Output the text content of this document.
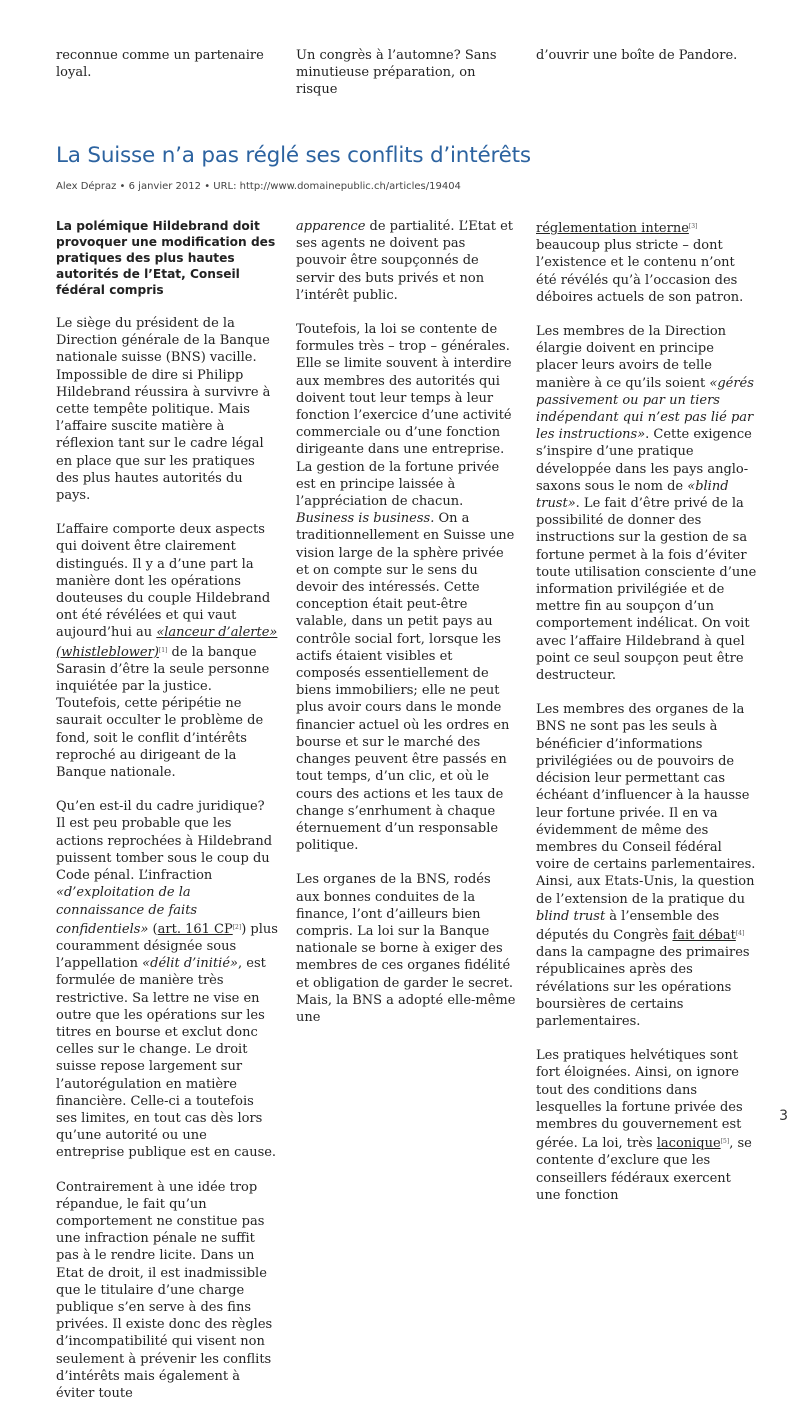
reconnue comme un partenaire loyal.
Un congrès à l’automne? Sans minutieuse préparation, on risque
d’ouvrir une boîte de Pandore.
La Suisse n’a pas réglé ses conflits d’intérêts
Alex Dépraz • 6 janvier 2012 • URL: http://www.domainepublic.ch/articles/19404
La polémique Hildebrand doit provoquer une modification des pratiques des plus hautes autorités de l’Etat, Conseil fédéral compris

Le siège du président de la Direction générale de la Banque nationale suisse (BNS) vacille. Impossible de dire si Philipp Hildebrand réussira à survivre à cette tempête politique. Mais l’affaire suscite matière à réflexion tant sur le cadre légal en place que sur les pratiques des plus hautes autorités du pays.

L’affaire comporte deux aspects qui doivent être clairement distingués. Il y a d’une part la manière dont les opérations douteuses du couple Hildebrand ont été révélées et qui vaut aujourd’hui au «lanceur d’alerte» (whistleblower)[1] de la banque Sarasin d’être la seule personne inquiétée par la justice. Toutefois, cette péripétie ne saurait occulter le problème de fond, soit le conflit d’intérêts reproché au dirigeant de la Banque nationale.

Qu’en est-il du cadre juridique? Il est peu probable que les actions reprochées à Hildebrand puissent tomber sous le coup du Code pénal. L’infraction «d’exploitation de la connaissance de faits confidentiels» (art. 161 CP[2]) plus couramment désignée sous l’appellation «délit d’initié», est formulée de manière très restrictive. Sa lettre ne vise en outre que les opérations sur les titres en bourse et exclut donc celles sur le change. Le droit suisse repose largement sur l’autorégulation en matière financière. Celle-ci a toutefois ses limites, en tout cas dès lors qu’une autorité ou une entreprise publique est en cause.

Contrairement à une idée trop répandue, le fait qu’un comportement ne constitue pas une infraction pénale ne suffit pas à le rendre licite. Dans un Etat de droit, il est inadmissible que le titulaire d’une charge publique s’en serve à des fins privées. Il existe donc des règles d’incompatibilité qui visent non seulement à prévenir les conflits d’intérêts mais également à éviter toute

apparence de partialité. L’Etat et ses agents ne doivent pas pouvoir être soupçonnés de servir des buts privés et non l’intérêt public.

Toutefois, la loi se contente de formules très – trop – générales. Elle se limite souvent à interdire aux membres des autorités qui doivent tout leur temps à leur fonction l’exercice d’une activité commerciale ou d’une fonction dirigeante dans une entreprise. La gestion de la fortune privée est en principe laissée à l’appréciation de chacun. Business is business. On a traditionnellement en Suisse une vision large de la sphère privée et on compte sur le sens du devoir des intéressés. Cette conception était peut-être valable, dans un petit pays au contrôle social fort, lorsque les actifs étaient visibles et composés essentiellement de biens immobiliers; elle ne peut plus avoir cours dans le monde financier actuel où les ordres en bourse et sur le marché des changes peuvent être passés en tout temps, d’un clic, et où le cours des actions et les taux de change s’enrhument à chaque éternuement d’un responsable politique.

Les organes de la BNS, rodés aux bonnes conduites de la finance, l’ont d’ailleurs bien compris. La loi sur la Banque nationale se borne à exiger des membres de ces organes fidélité et obligation de garder le secret. Mais, la BNS a adopté elle-même une

réglementation interne[3] beaucoup plus stricte – dont l’existence et le contenu n’ont été révélés qu’à l’occasion des déboires actuels de son patron.

Les membres de la Direction élargie doivent en principe placer leurs avoirs de telle manière à ce qu’ils soient «gérés passivement ou par un tiers indépendant qui n’est pas lié par les instructions». Cette exigence s’inspire d’une pratique développée dans les pays anglo-saxons sous le nom de «blind trust». Le fait d’être privé de la possibilité de donner des instructions sur la gestion de sa fortune permet à la fois d’éviter toute utilisation consciente d’une information privilégiée et de mettre fin au soupçon d’un comportement indélicat. On voit avec l’affaire Hildebrand à quel point ce seul soupçon peut être destructeur.

Les membres des organes de la BNS ne sont pas les seuls à bénéficier d’informations privilégiées ou de pouvoirs de décision leur permettant cas échéant d’influencer à la hausse leur fortune privée. Il en va évidemment de même des membres du Conseil fédéral voire de certains parlementaires. Ainsi, aux Etats-Unis, la question de l’extension de la pratique du blind trust à l’ensemble des députés du Congrès fait débat[4] dans la campagne des primaires républicaines après des révélations sur les opérations boursières de certains parlementaires.

Les pratiques helvétiques sont fort éloignées. Ainsi, on ignore tout des conditions dans lesquelles la fortune privée des membres du gouvernement est gérée. La loi, très laconique[5], se contente d’exclure que les conseillers fédéraux exercent une fonction

3
